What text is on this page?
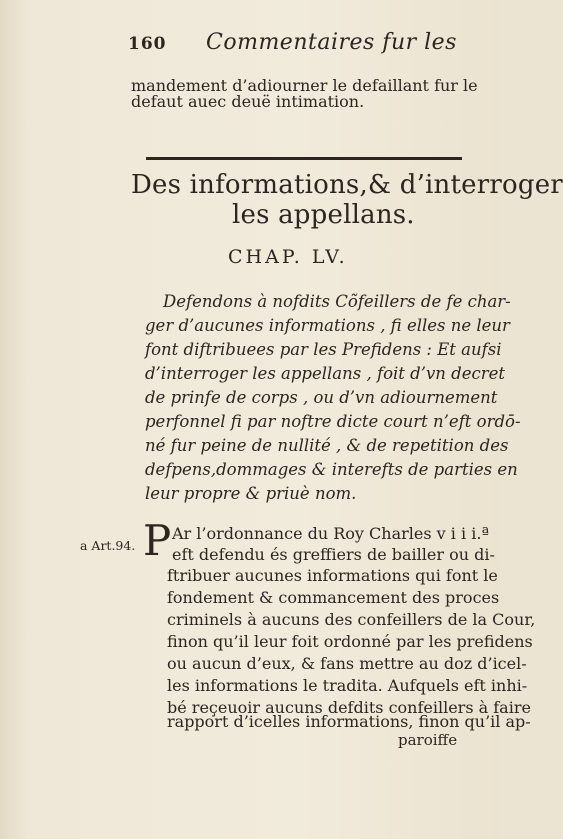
160 Commentaires fur les
mandement d’adiourner le defaillant fur le
defaut auec deuë intimation.
Des informations,& d’interroger
les appellans.
CHAP. LV.
Defendons à nofdits Cõfeillers de fe char-
ger d’aucunes informations , fi elles ne leur
font diftribuees par les Prefidens : Et aufsi
d’interroger les appellans , foit d’vn decret
de prinfe de corps , ou d’vn adiournement
perfonnel fi par noftre dicte court n’eft ordō-
né fur peine de nullité , & de repetition des
defpens,dommages & interefts de parties en
leur propre & priuè nom.
a Art.94. P Ar l’ordonnance du Roy Charles v i i i.ª
eft defendu és greffiers de bailler ou di-
ftribuer aucunes informations qui font le
fondement & commancement des proces
criminels à aucuns des confeillers de la Cour,
finon qu’il leur foit ordonné par les prefidens
ou aucun d’eux, & fans mettre au doz d’icel-
les informations le tradita. Aufquels eft inhi-
bé reçeuoir aucuns defdits confeillers à faire
rapport d’icelles informations, finon qu’il ap-
paroiffe
